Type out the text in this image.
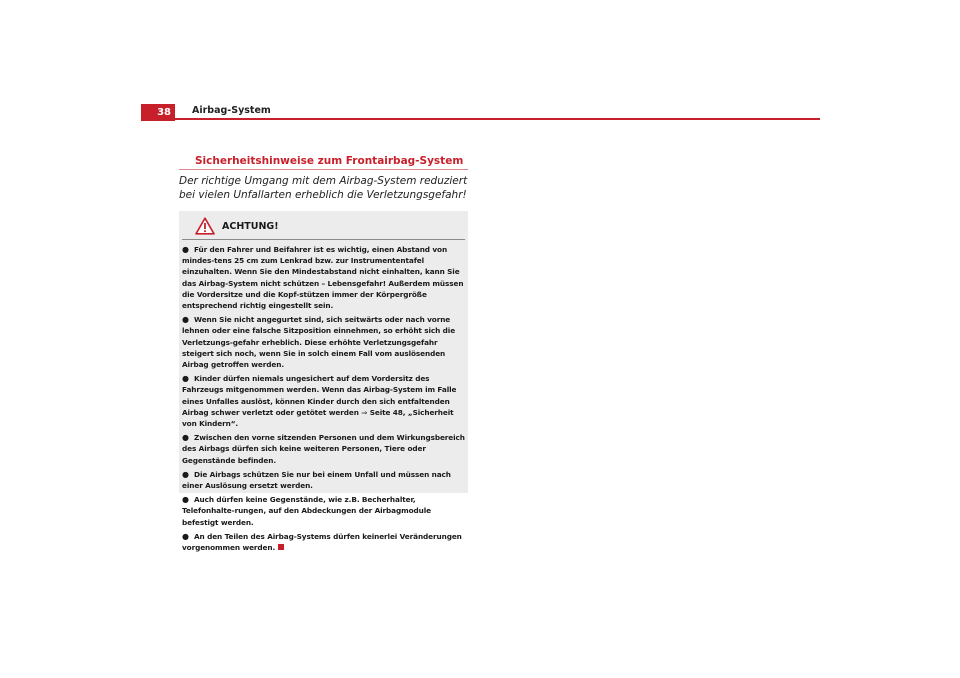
38	Airbag-System
Sicherheitshinweise zum Frontairbag-System
Der richtige Umgang mit dem Airbag-System reduziert bei vielen Unfallarten erheblich die Verletzungsgefahr!
ACHTUNG!
● Für den Fahrer und Beifahrer ist es wichtig, einen Abstand von mindes-tens 25 cm zum Lenkrad bzw. zur Instrumententafel einzuhalten. Wenn Sie den Mindestabstand nicht einhalten, kann Sie das Airbag-System nicht schützen – Lebensgefahr! Außerdem müssen die Vordersitze und die Kopf-stützen immer der Körpergröße entsprechend richtig eingestellt sein.
● Wenn Sie nicht angegurtet sind, sich seitwärts oder nach vorne lehnen oder eine falsche Sitzposition einnehmen, so erhöht sich die Verletzungs-gefahr erheblich. Diese erhöhte Verletzungsgefahr steigert sich noch, wenn Sie in solch einem Fall vom auslösenden Airbag getroffen werden.
● Kinder dürfen niemals ungesichert auf dem Vordersitz des Fahrzeugs mitgenommen werden. Wenn das Airbag-System im Falle eines Unfalles auslöst, können Kinder durch den sich entfaltenden Airbag schwer verletzt oder getötet werden ⇒ Seite 48, „Sicherheit von Kindern“.
● Zwischen den vorne sitzenden Personen und dem Wirkungsbereich des Airbags dürfen sich keine weiteren Personen, Tiere oder Gegenstände befinden.
● Die Airbags schützen Sie nur bei einem Unfall und müssen nach einer Auslösung ersetzt werden.
● Auch dürfen keine Gegenstände, wie z.B. Becherhalter, Telefonhalte-rungen, auf den Abdeckungen der Airbagmodule befestigt werden.
● An den Teilen des Airbag-Systems dürfen keinerlei Veränderungen vorgenommen werden.
